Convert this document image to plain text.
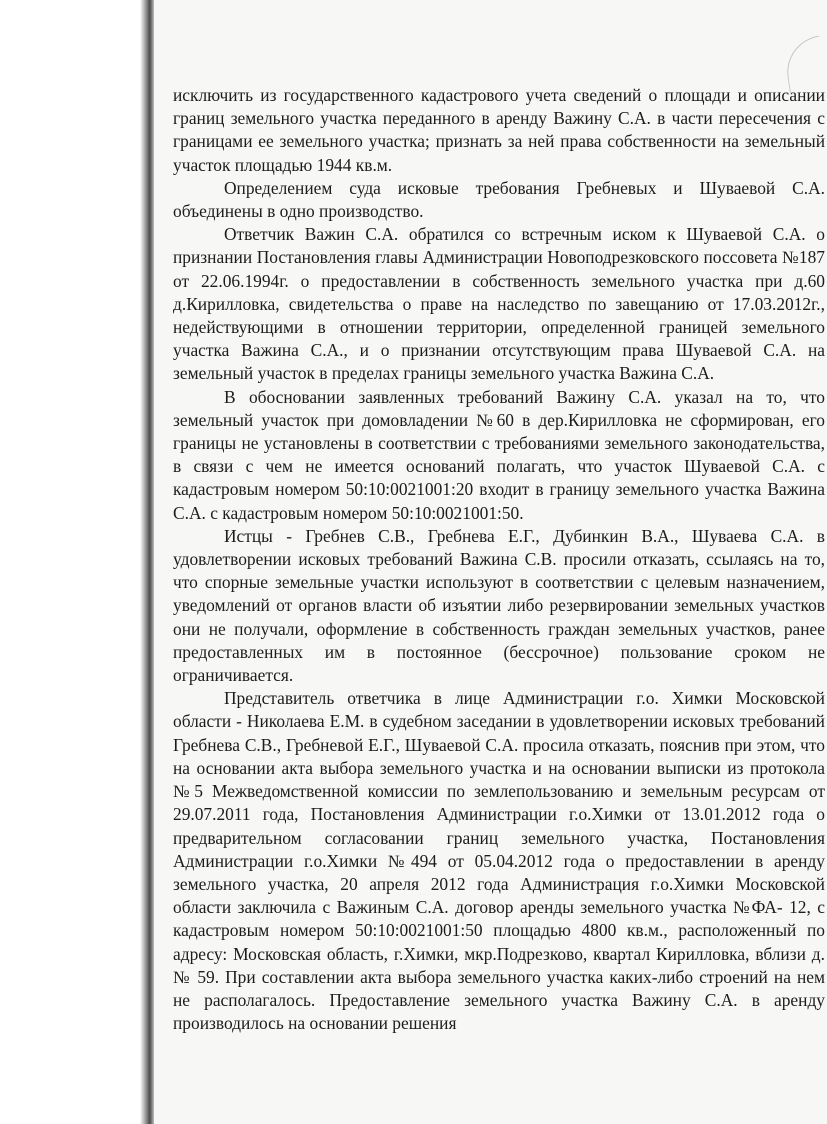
исключить из государственного кадастрового учета сведений о площади и описании границ земельного участка переданного в аренду Важину С.А. в части пересечения с границами ее земельного участка; признать за ней права собственности на земельный участок площадью 1944 кв.м.

Определением суда исковые требования Гребневых и Шуваевой С.А. объединены в одно производство.

Ответчик Важин С.А. обратился со встречным иском к Шуваевой С.А. о признании Постановления главы Администрации Новоподрезковского поссовета №187 от 22.06.1994г. о предоставлении в собственность земельного участка при д.60 д.Кирилловка, свидетельства о праве на наследство по завещанию от 17.03.2012г., недействующими в отношении территории, определенной границей земельного участка Важина С.А., и о признании отсутствующим права Шуваевой С.А. на земельный участок в пределах границы земельного участка Важина С.А.

В обосновании заявленных требований Важину С.А. указал на то, что земельный участок при домовладении №60 в дер.Кирилловка не сформирован, его границы не установлены в соответствии с требованиями земельного законодательства, в связи с чем не имеется оснований полагать, что участок Шуваевой С.А. с кадастровым номером 50:10:0021001:20 входит в границу земельного участка Важина С.А. с кадастровым номером 50:10:0021001:50.

Истцы - Гребнев С.В., Гребнева Е.Г., Дубинкин В.А., Шуваева С.А. в удовлетворении исковых требований Важина С.В. просили отказать, ссылаясь на то, что спорные земельные участки используют в соответствии с целевым назначением, уведомлений от органов власти об изъятии либо резервировании земельных участков они не получали, оформление в собственность граждан земельных участков, ранее предоставленных им в постоянное (бессрочное) пользование сроком не ограничивается.

Представитель ответчика в лице Администрации г.о. Химки Московской области - Николаева Е.М. в судебном заседании в удовлетворении исковых требований Гребнева С.В., Гребневой Е.Г., Шуваевой С.А. просила отказать, пояснив при этом, что на основании акта выбора земельного участка и на основании выписки из протокола №5 Межведомственной комиссии по землепользованию и земельным ресурсам от 29.07.2011 года, Постановления Администрации г.о.Химки от 13.01.2012 года о предварительном согласовании границ земельного участка, Постановления Администрации г.о.Химки №494 от 05.04.2012 года о предоставлении в аренду земельного участка, 20 апреля 2012 года Администрация г.о.Химки Московской области заключила с Важиным С.А. договор аренды земельного участка №ФА- 12, с кадастровым номером 50:10:0021001:50 площадью 4800 кв.м., расположенный по адресу: Московская область, г.Химки, мкр.Подрезково, квартал Кирилловка, вблизи д.№ 59. При составлении акта выбора земельного участка каких-либо строений на нем не располагалось. Предоставление земельного участка Важину С.А. в аренду производилось на основании решения
